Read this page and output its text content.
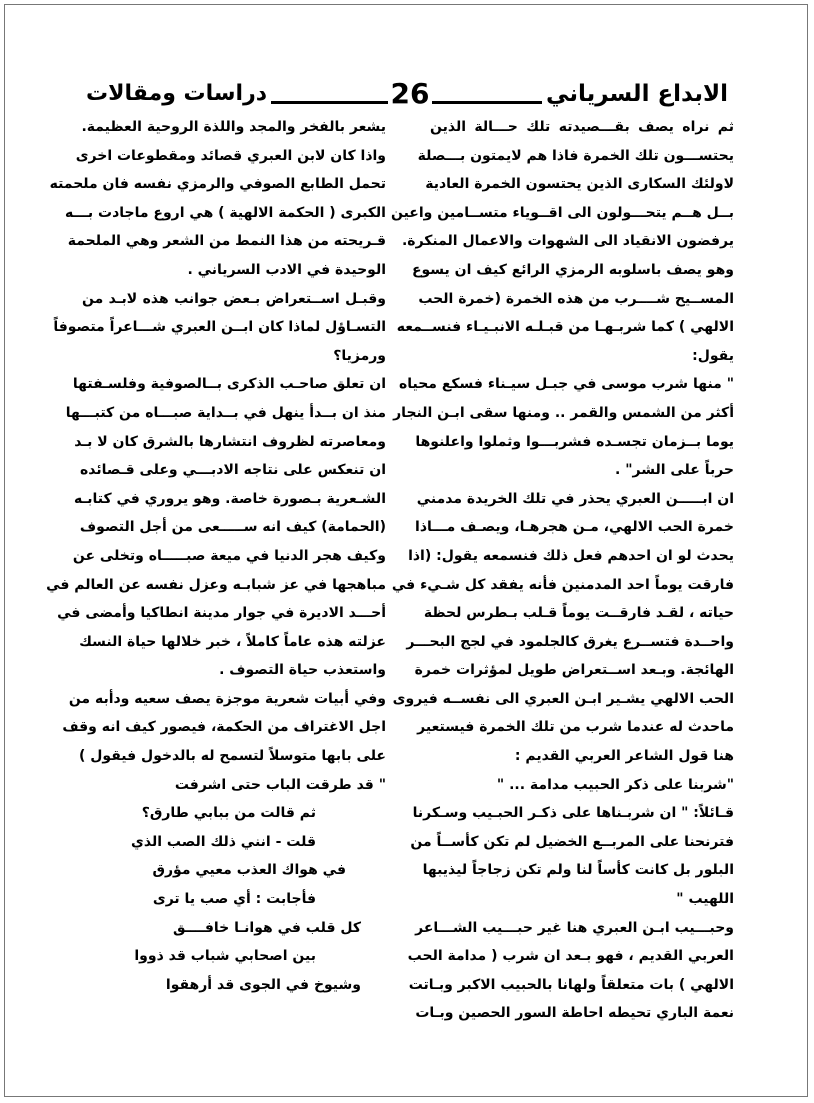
الابداع السرياني
26
دراسات ومقالات
ثم نراه يصف بقـــصيدته تلك حـــالة الذين
يحتســـون تلك الخمرة فاذا هم لايمتون بـــصلة
لاولئك السكارى الذين يحتسون الخمرة العادية
بــل هــم يتحـــولون الى اقــوياء متســامين واعين
يرفضون الانقياد الى الشهوات والاعمال المنكرة.
وهو يصف باسلوبه الرمزي الرائع كيف ان يسوع
المســيح شــــرب من هذه الخمرة (خمرة الحب
الالهي ) كما شربـهـا من قبـلـه الانبـيـاء فنســمعه
يقول:
" منها شرب موسى في جبـل سيـناء فسكع محياه
أكثر من الشمس والقمر .. ومنها سقى ابـن النجار
يوما بــزمان تجسـده فشربـــوا وثملوا واعلنوها
حرباً على الشر" .
ان ابـــــن العبري يحذر في تلك الخريدة مدمني
خمرة الحب الالهي، مـن هجرهـا، ويصـف مـــاذا
يحدث لو ان احدهم فعل ذلك فنسمعه يقول: (اذا
فارقت يوماً احد المدمنين فأنه يفقد كل شـيء في
حياته ، لقـد فارقــت يوماً قـلب بـطرس لحظة
واحــدة فتســرع يغرق كالجلمود في لجج البحـــر
الهائجة. وبـعد اســتعراض طويل لمؤثرات خمرة
الحب الالهي يشـير ابـن العبري الى نفســه فيروى
ماحدث له عندما شرب من تلك الخمرة فيستعير
هنا قول الشاعر العربي القديم :
"شربنا على ذكر الحبيب مدامة ... "
قـائلاً: " ان شربـناها على ذكـر الحبـيب وسـكرنا
فترنحنا على المربــع الخضيل لم تكن كأســاً من
البلور بل كانت كأساً لنا ولم تكن زجاجاً ليذيبها
اللهيب "
وحبـــيب ابـن العبري هنا غير حبـــيب الشـــاعر
العربي القديم ، فهو بـعد ان شرب ( مدامة الحب
الالهي ) بات متعلقاً ولهانا بالحبيب الاكبر وبـاتت
نعمة الباري تحيطه احاطة السور الحصين وبـات
يشعر بالفخر والمجد واللذة الروحية العظيمة.
واذا كان لابن العبري قصائد ومقطوعات اخرى
تحمل الطابع الصوفي والرمزي نفسه فان ملحمته
الكبرى ( الحكمة الالهية ) هي اروع ماجادت بـــه
قـريحته من هذا النمط من الشعر وهي الملحمة
الوحيدة في الادب السرياني .
وقبـل اســتعراض بـعض جوانب هذه لابـد من
التسـاؤل لماذا كان ابــن العبري شـــاعراً متصوفاً
ورمزيا؟
ان تعلق صاحـب الذكرى بــالصوفية وفلسـفتها
منذ ان بــدأ ينهل في بــداية صبـــاه من كتبـــها
ومعاصرته لظروف انتشارها بالشرق كان لا بـد
ان تنعكس على نتاجه الادبـــي وعلى قـصائده
الشـعرية بـصورة خاصة. وهو يروري في كتابـه
(الحمامة) كيف انه ســـــعى من أجل التصوف
وكيف هجر الدنيا في ميعة صبـــــاه وتخلى عن
مباهجها في عز شبابـه وعزل نفسه عن العالم في
أحـــد الاديرة في جوار مدينة انطاكيا وأمضى في
عزلته هذه عاماً كاملاً ، خبر خلالها حياة النسك
واستعذب حياة التصوف .
وفي أبيات شعرية موجزة يصف سعيه ودأبه من
اجل الاغتراف من الحكمة، فيصور كيف انه وقف
على بابها متوسلاً لتسمح له بالدخول فيقول )
" قد طرقت الباب حتى اشرفت
ثم قالت من ببابي طارق؟
قلت - انني ذلك الصب الذي
في هواك العذب معيي مؤرق
فأجابت : أي صب يا ترى
كل قلب في هوانـا خافــــق
بين اصحابي شباب قد ذووا
وشيوخ في الجوى قد أرهقوا
